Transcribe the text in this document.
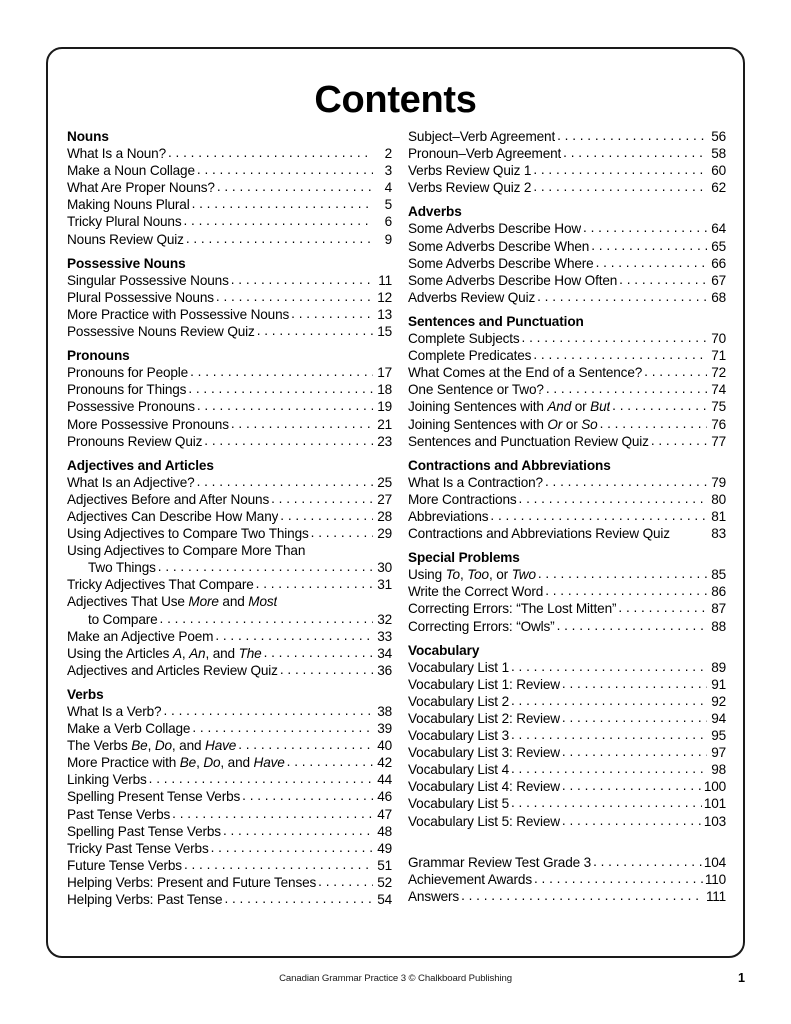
Contents
Nouns
What Is a Noun? . . .	2
Make a Noun Collage . . .	3
What Are Proper Nouns? . . .	4
Making Nouns Plural . . .	5
Tricky Plural Nouns . . .	6
Nouns Review Quiz . . .	9
Possessive Nouns
Singular Possessive Nouns . . .	11
Plural Possessive Nouns . . .	12
More Practice with Possessive Nouns . . .	13
Possessive Nouns Review Quiz . . .	15
Pronouns
Pronouns for People . . .	17
Pronouns for Things . . .	18
Possessive Pronouns . . .	19
More Possessive Pronouns . . .	21
Pronouns Review Quiz . . .	23
Adjectives and Articles
What Is an Adjective? . . .	25
Adjectives Before and After Nouns . . .	27
Adjectives Can Describe How Many . . .	28
Using Adjectives to Compare Two Things . . .	29
Using Adjectives to Compare More Than
Two Things . . .	30
Tricky Adjectives That Compare . . .	31
Adjectives That Use More and Most
to Compare . . .	32
Make an Adjective Poem . . .	33
Using the Articles A, An, and The . . .	34
Adjectives and Articles Review Quiz . . .	36
Verbs
What Is a Verb? . . .	38
Make a Verb Collage . . .	39
The Verbs Be, Do, and Have . . .	40
More Practice with Be, Do, and Have . . .	42
Linking Verbs . . .	44
Spelling Present Tense Verbs . . .	46
Past Tense Verbs . . .	47
Spelling Past Tense Verbs . . .	48
Tricky Past Tense Verbs . . .	49
Future Tense Verbs . . .	51
Helping Verbs: Present and Future Tenses . . .	52
Helping Verbs: Past Tense . . .	54
Subject–Verb Agreement . . .	56
Pronoun–Verb Agreement . . .	58
Verbs Review Quiz 1 . . .	60
Verbs Review Quiz 2 . . .	62
Adverbs
Some Adverbs Describe How . . .	64
Some Adverbs Describe When . . .	65
Some Adverbs Describe Where . . .	66
Some Adverbs Describe How Often . . .	67
Adverbs Review Quiz . . .	68
Sentences and Punctuation
Complete Subjects . . .	70
Complete Predicates . . .	71
What Comes at the End of a Sentence? . . .	72
One Sentence or Two? . . .	74
Joining Sentences with And or But . . .	75
Joining Sentences with Or or So . . .	76
Sentences and Punctuation Review Quiz . . .	77
Contractions and Abbreviations
What Is a Contraction? . . .	79
More Contractions . . .	80
Abbreviations . . .	81
Contractions and Abbreviations Review Quiz	83
Special Problems
Using To, Too, or Two . . .	85
Write the Correct Word . . .	86
Correcting Errors: “The Lost Mitten” . . .	87
Correcting Errors: “Owls” . . .	88
Vocabulary
Vocabulary List 1 . . .	89
Vocabulary List 1: Review . . .	91
Vocabulary List 2 . . .	92
Vocabulary List 2: Review . . .	94
Vocabulary List 3 . . .	95
Vocabulary List 3: Review . . .	97
Vocabulary List 4 . . .	98
Vocabulary List 4: Review . . .	100
Vocabulary List 5 . . .	101
Vocabulary List 5: Review . . .	103
Grammar Review Test Grade 3 . . .	104
Achievement Awards . . .	110
Answers . . .	111
Canadian Grammar Practice 3 © Chalkboard Publishing	1
